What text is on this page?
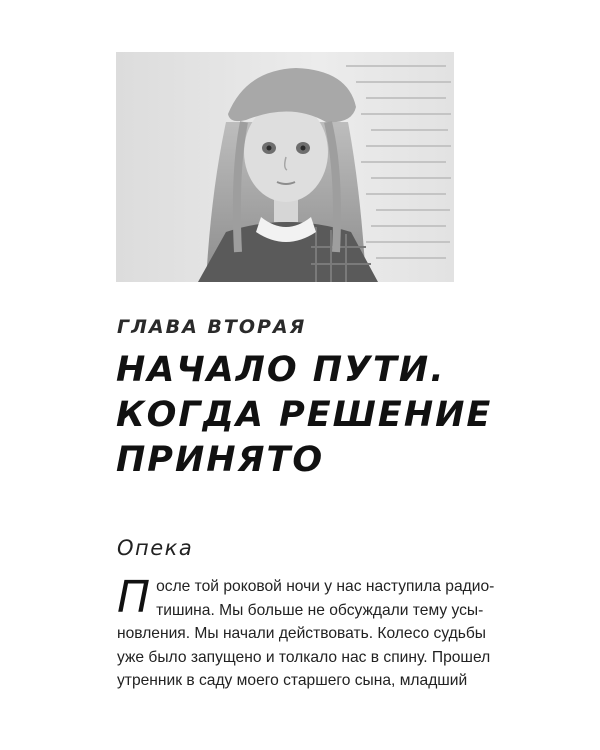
ГЛАВА ВТОРАЯ
НАЧАЛО ПУТИ.
КОГДА РЕШЕНИЕ
ПРИНЯТО
Опека
П осле той роковой ночи у нас наступила радио-
тишина. Мы больше не обсуждали тему усы-
новления. Мы начали действовать. Колесо судьбы
уже было запущено и толкало нас в спину. Прошел
утренник в саду моего старшего сына, младший
